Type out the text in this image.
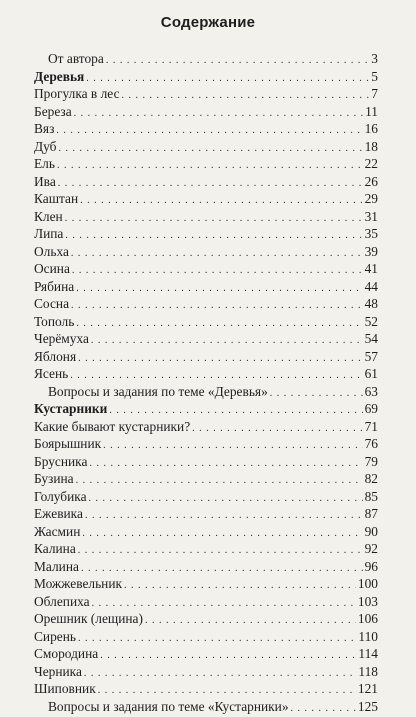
Содержание
От автора . . .	3
Деревья . . .	5
Прогулка в лес . . .	7
Береза . . .	11
Вяз . . .	16
Дуб . . .	18
Ель . . .	22
Ива . . .	26
Каштан . . .	29
Клен . . .	31
Липа . . .	35
Ольха . . .	39
Осина . . .	41
Рябина . . .	44
Сосна . . .	48
Тополь . . .	52
Черёмуха . . .	54
Яблоня . . .	57
Ясень . . .	61
Вопросы и задания по теме «Деревья» . . .	63
Кустарники . . .	69
Какие бывают кустарники? . . .	71
Боярышник . . .	76
Брусника . . .	79
Бузина . . .	82
Голубика . . .	85
Ежевика . . .	87
Жасмин . . .	90
Калина . . .	92
Малина . . .	96
Можжевельник . . .	100
Облепиха . . .	103
Орешник (лещина) . . .	106
Сирень . . .	110
Смородина . . .	114
Черника . . .	118
Шиповник . . .	121
Вопросы и задания по теме «Кустарники» . . .	125
